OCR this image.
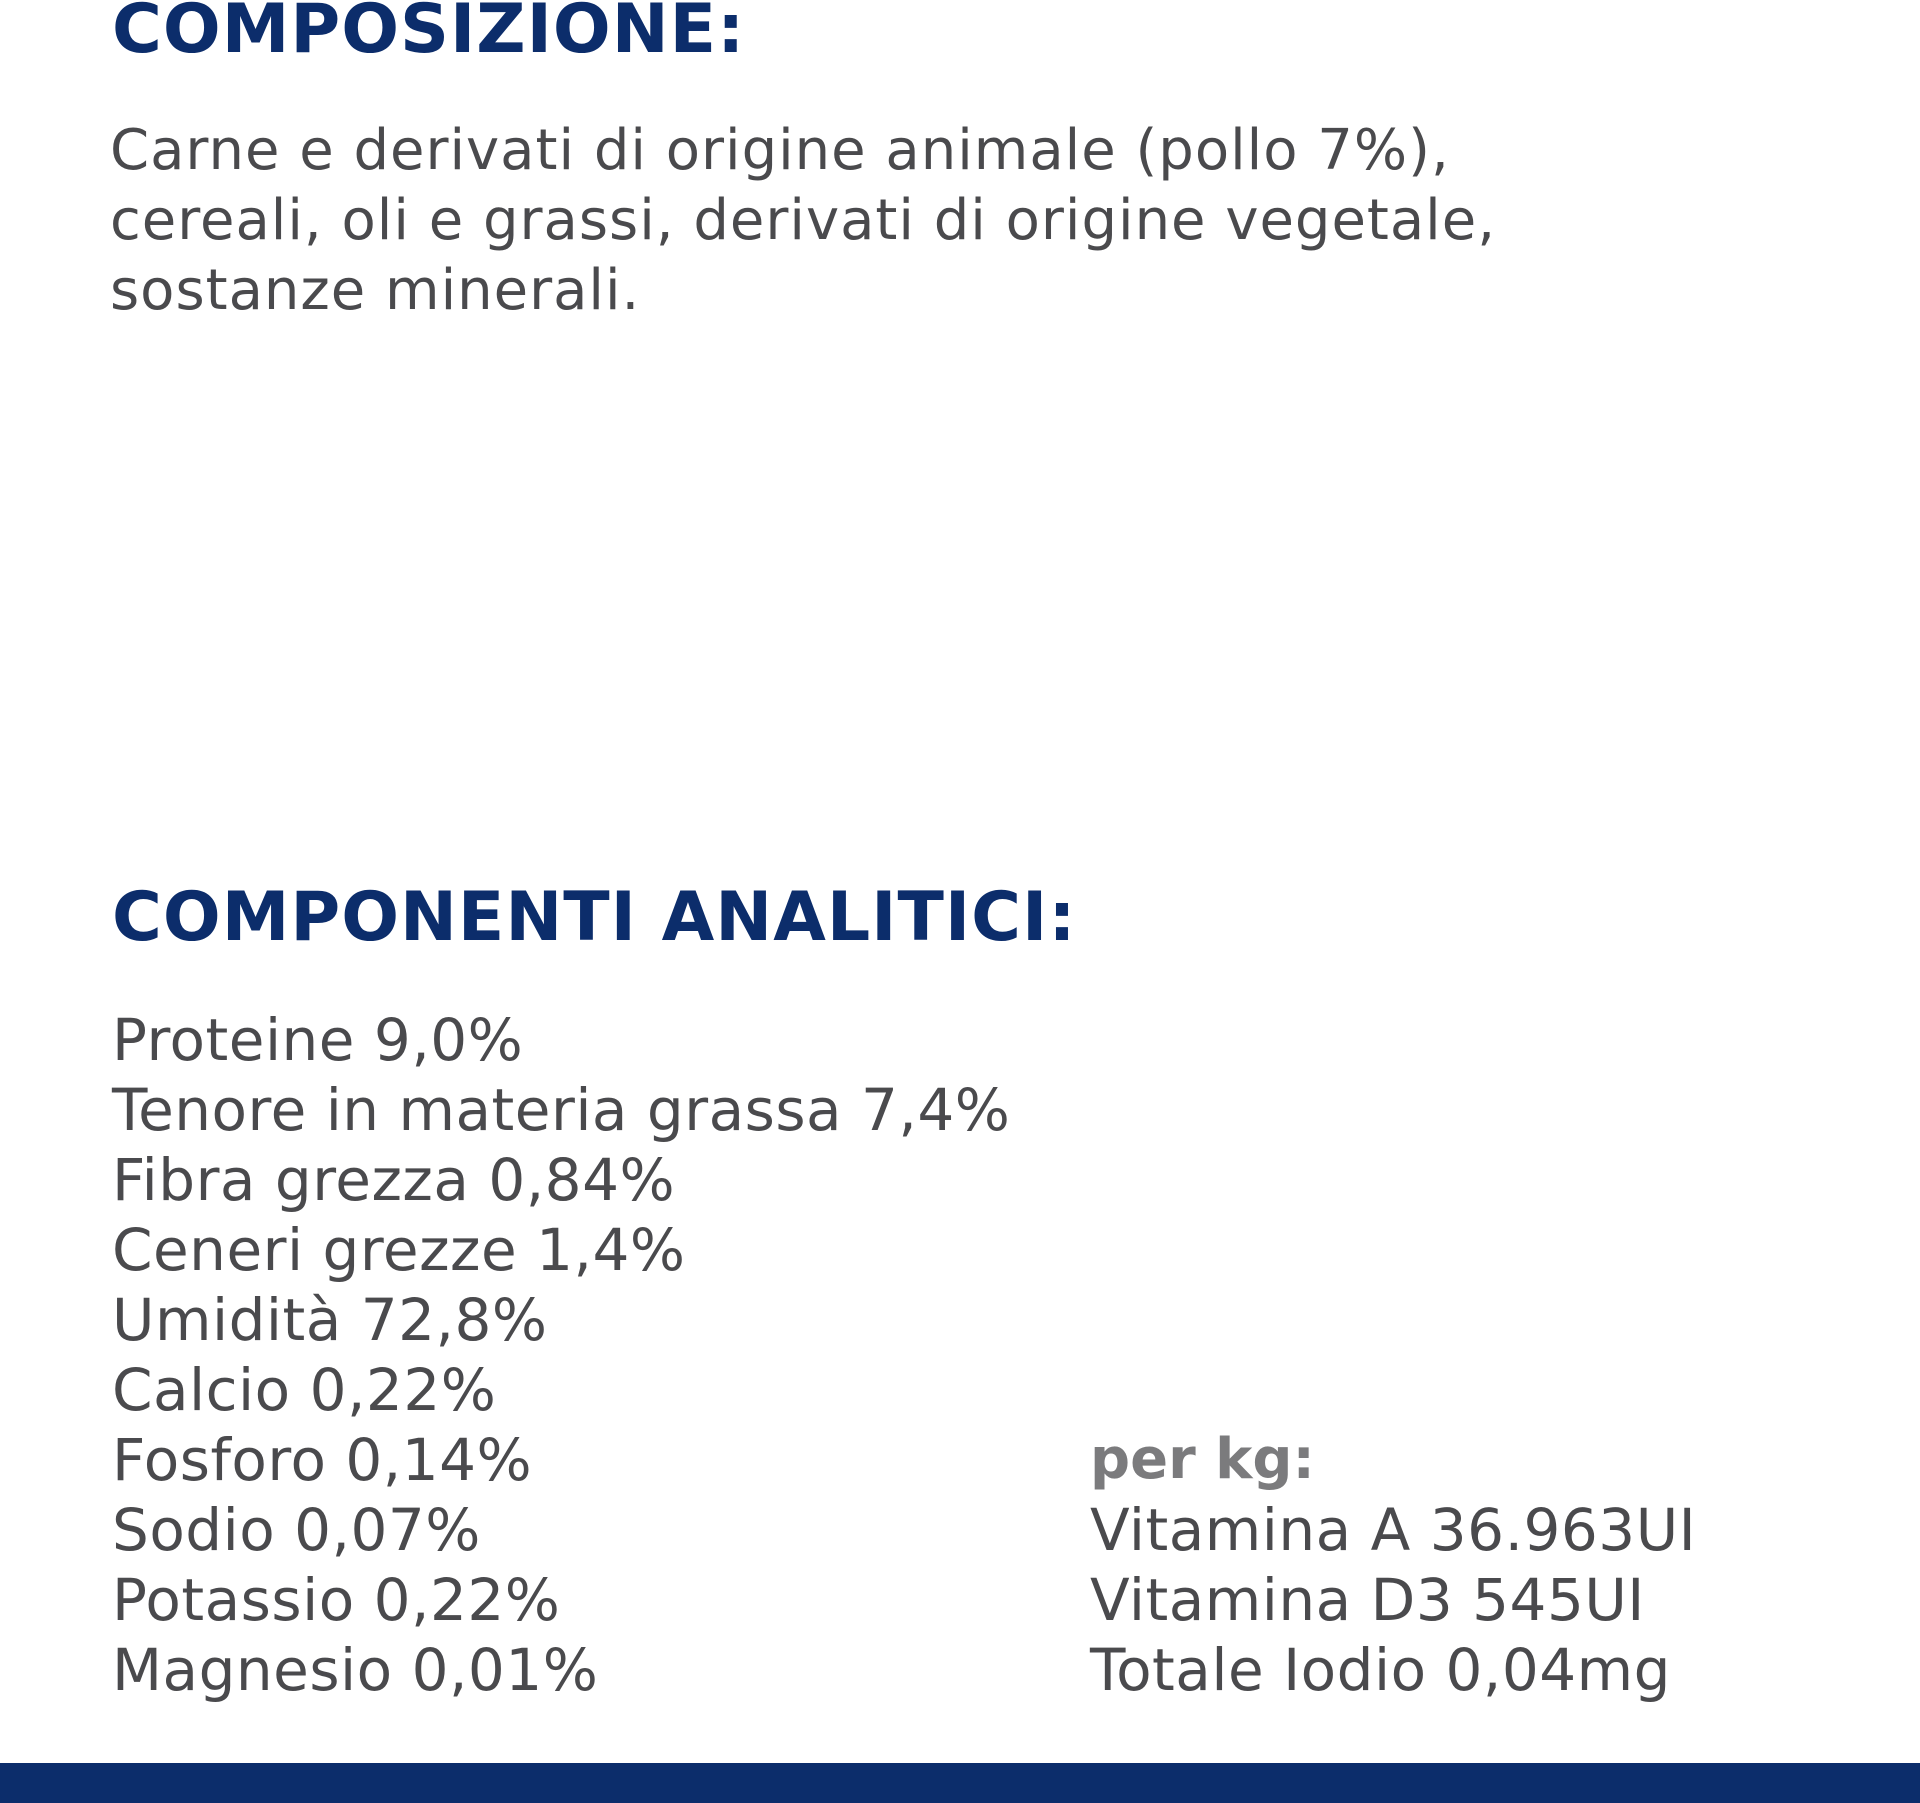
COMPOSIZIONE:

Carne e derivati di origine animale (pollo 7%),
cereali, oli e grassi, derivati di origine vegetale,
sostanze minerali.

COMPONENTI ANALITICI:
Proteine 9,0%
Tenore in materia grassa 7,4%
Fibra grezza 0,84%
Ceneri grezze 1,4%
Umidità 72,8%
Calcio 0,22%
Fosforo 0,14%
Sodio 0,07%
Potassio 0,22%
Magnesio 0,01%

per kg:

Vitamina A 36.963UI
Vitamina D3 545UI
Totale Iodio 0,04mg
